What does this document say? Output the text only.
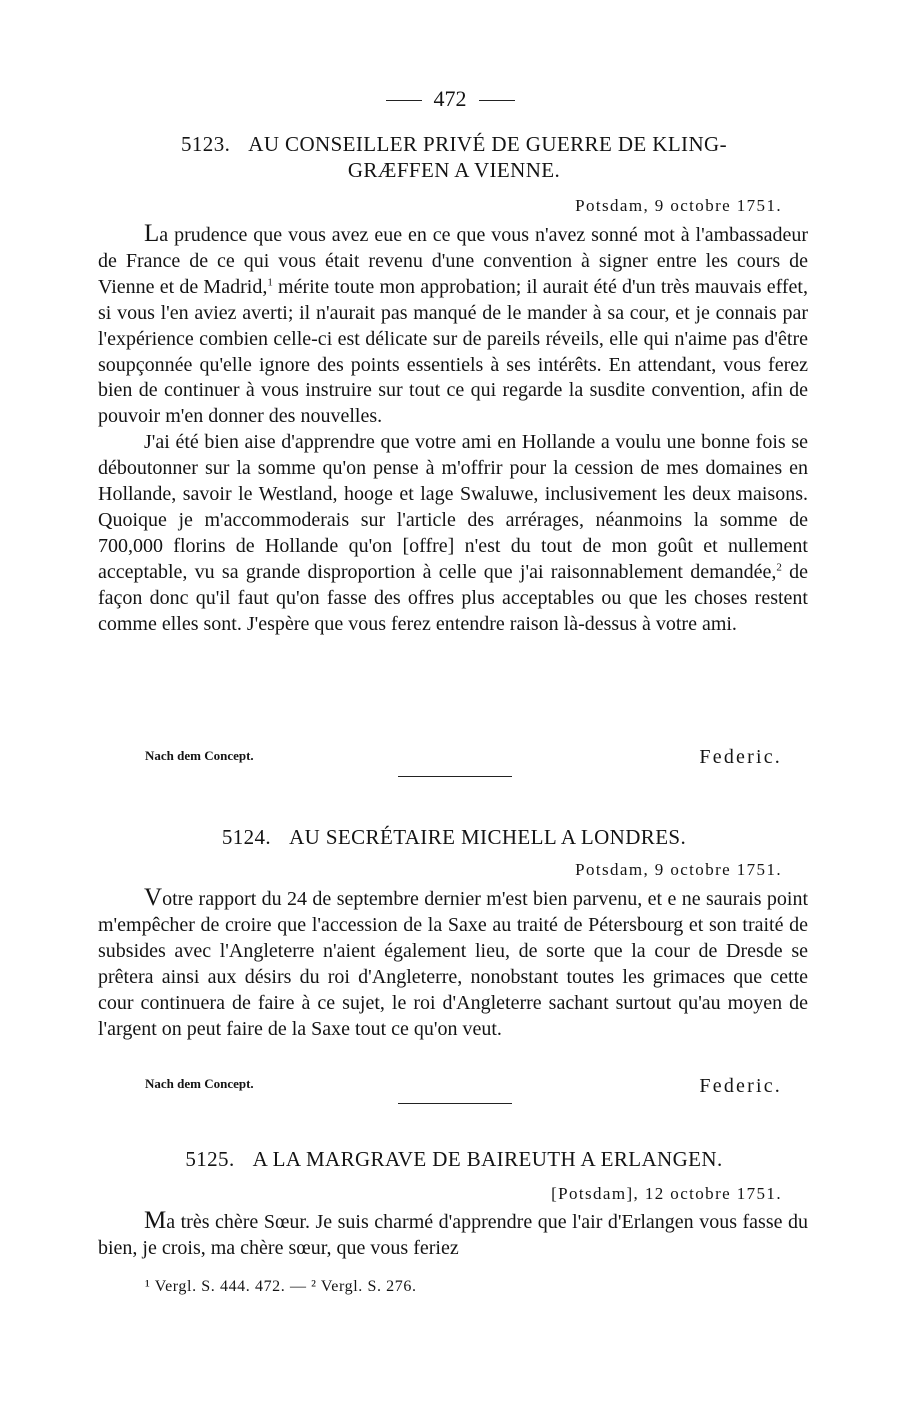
472
5123. AU CONSEILLER PRIVÉ DE GUERRE DE KLING-
GRÆFFEN A VIENNE.
Potsdam, 9 octobre 1751.

La prudence que vous avez eue en ce que vous n'avez sonné mot à l'ambassadeur de France de ce qui vous était revenu d'une convention à signer entre les cours de Vienne et de Madrid,$^1$ mérite toute mon approbation; il aurait été d'un très mauvais effet, si vous l'en aviez averti; il n'aurait pas manqué de le mander à sa cour, et je connais par l'expérience combien celle-ci est délicate sur de pareils réveils, elle qui n'aime pas d'être soupçonnée qu'elle ignore des points essentiels à ses intérêts. En attendant, vous ferez bien de continuer à vous instruire sur tout ce qui regarde la susdite convention, afin de pouvoir m'en donner des nouvelles.

J'ai été bien aise d'apprendre que votre ami en Hollande a voulu une bonne fois se déboutonner sur la somme qu'on pense à m'offrir pour la cession de mes domaines en Hollande, savoir le Westland, hooge et lage Swaluwe, inclusivement les deux maisons. Quoique je m'accommoderais sur l'article des arrérages, néanmoins la somme de 700,000 florins de Hollande qu'on [offre] n'est du tout de mon goût et nullement acceptable, vu sa grande disproportion à celle que j'ai raisonnablement demandée,$^2$ de façon donc qu'il faut qu'on fasse des offres plus acceptables ou que les choses restent comme elles sont. J'espère que vous ferez entendre raison là-dessus à votre ami.

Nach dem Concept.	Federic.
5124. AU SECRÉTAIRE MICHELL A LONDRES.
Potsdam, 9 octobre 1751.

Votre rapport du 24 de septembre dernier m'est bien parvenu, et e ne saurais point m'empêcher de croire que l'accession de la Saxe au traité de Pétersbourg et son traité de subsides avec l'Angleterre n'aient également lieu, de sorte que la cour de Dresde se prêtera ainsi aux désirs du roi d'Angleterre, nonobstant toutes les grimaces que cette cour continuera de faire à ce sujet, le roi d'Angleterre sachant surtout qu'au moyen de l'argent on peut faire de la Saxe tout ce qu'on veut.

Nach dem Concept.	Federic.
5125. A LA MARGRAVE DE BAIREUTH A ERLANGEN.
[Potsdam], 12 octobre 1751.

Ma très chère Sœur. Je suis charmé d'apprendre que l'air d'Erlangen vous fasse du bien, je crois, ma chère sœur, que vous feriez

¹ Vergl. S. 444. 472. — ² Vergl. S. 276.
